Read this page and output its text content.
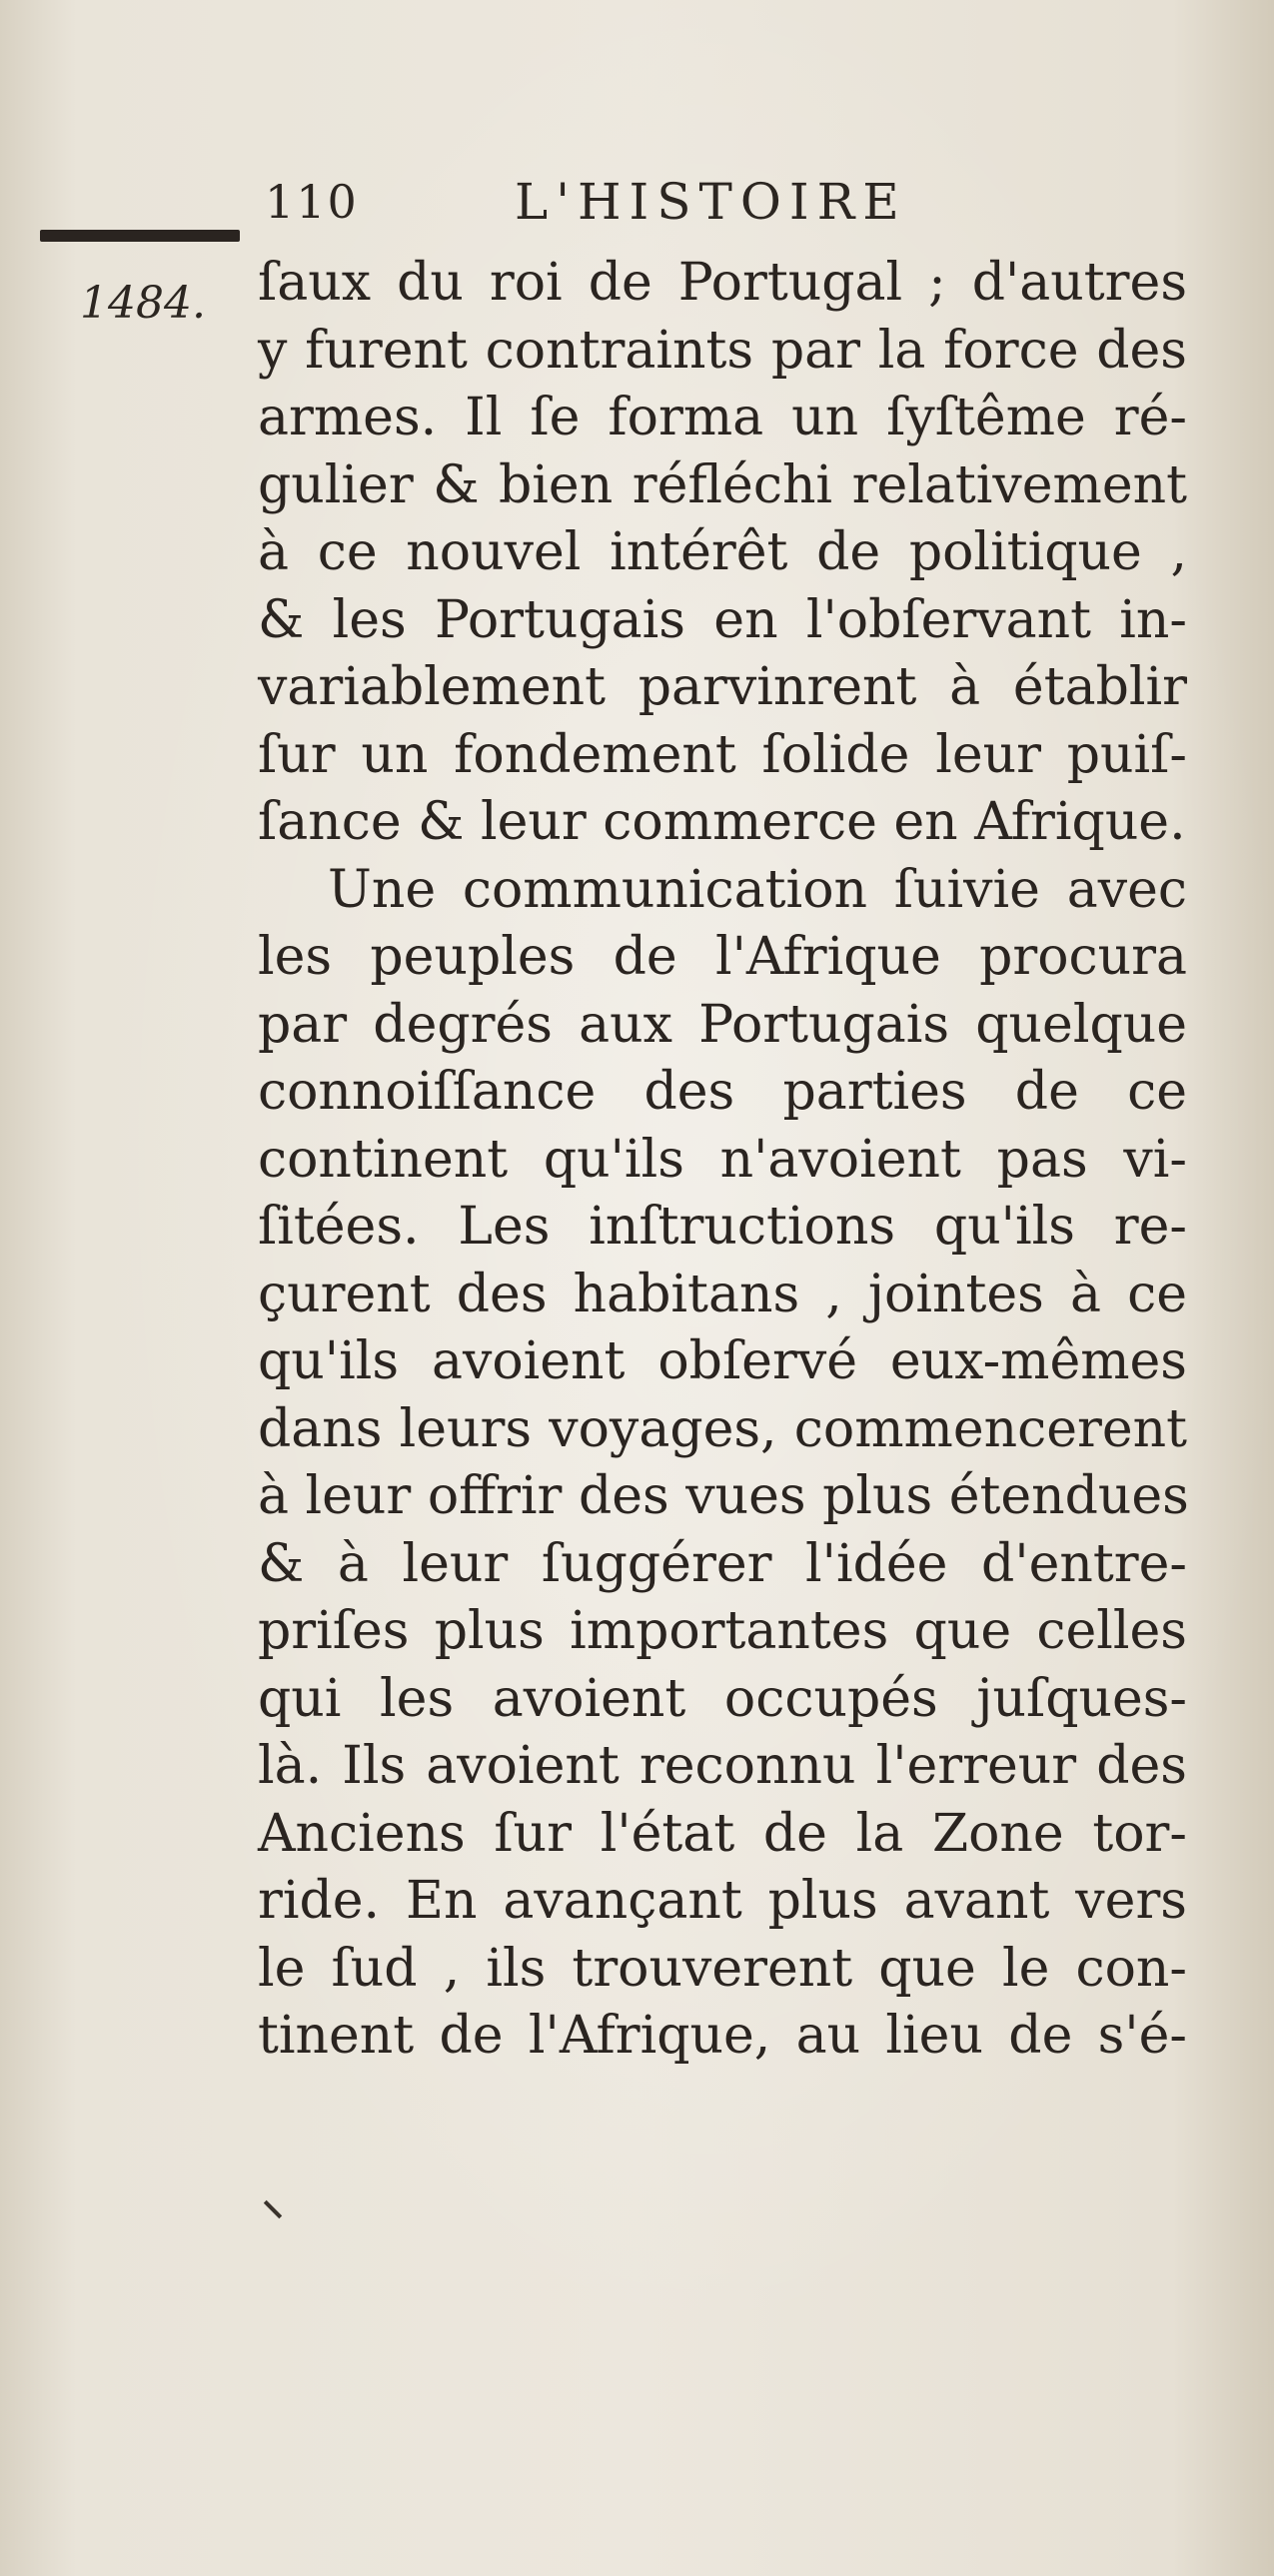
110	L'HISTOIRE
1484. ſaux du roi de Portugal ; d'autres
y furent contraints par la force des
armes. Il ſe forma un ſyſtême ré-
gulier & bien réfléchi relativement
à ce nouvel intérêt de politique ,
& les Portugais en l'obſervant in-
variablement parvinrent à établir
ſur un fondement ſolide leur puiſ-
ſance & leur commerce en Afrique.
Une communication ſuivie avec
les peuples de l'Afrique procura
par degrés aux Portugais quelque
connoiſſance des parties de ce
continent qu'ils n'avoient pas vi-
ſitées. Les inſtructions qu'ils re-
çurent des habitans , jointes à ce
qu'ils avoient obſervé eux-mêmes
dans leurs voyages, commencerent
à leur offrir des vues plus étendues
& à leur ſuggérer l'idée d'entre-
priſes plus importantes que celles
qui les avoient occupés juſques-
là. Ils avoient reconnu l'erreur des
Anciens ſur l'état de la Zone tor-
ride. En avançant plus avant vers
le ſud , ils trouverent que le con-
tinent de l'Afrique, au lieu de s'é-
